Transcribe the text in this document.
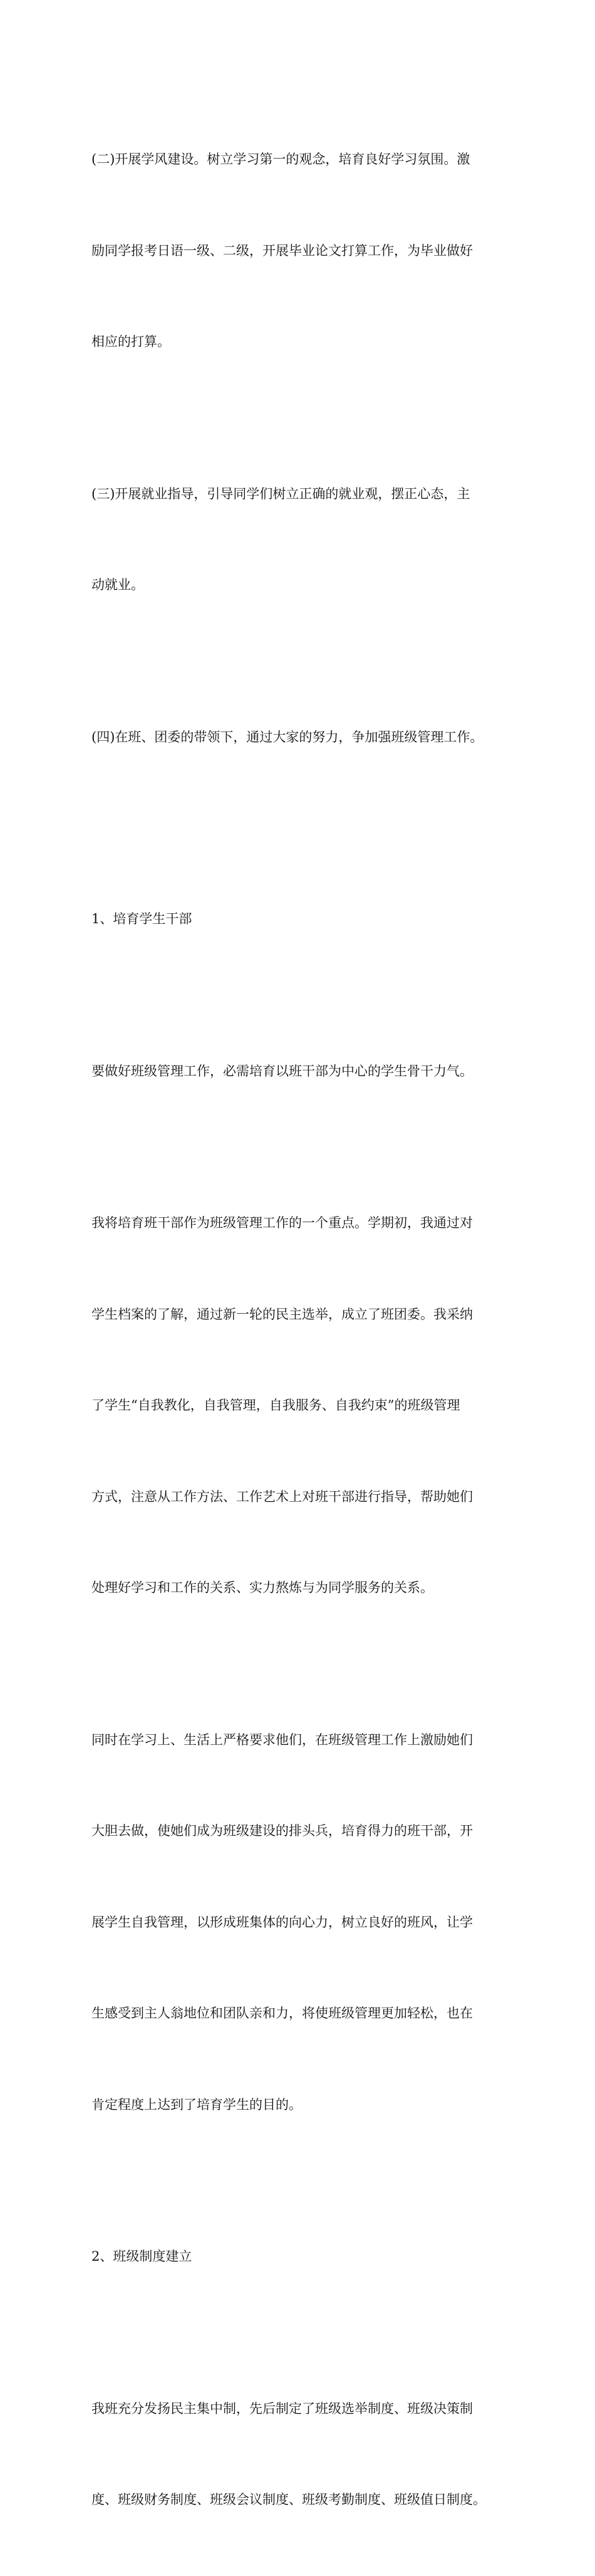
(二)开展学风建设。树立学习第一的观念，培育良好学习氛围。激

励同学报考日语一级、二级，开展毕业论文打算工作，为毕业做好

相应的打算。

(三)开展就业指导，引导同学们树立正确的就业观，摆正心态，主

动就业。

(四)在班、团委的带领下，通过大家的努力，争加强班级管理工作。

1、培育学生干部

要做好班级管理工作，必需培育以班干部为中心的学生骨干力气。

我将培育班干部作为班级管理工作的一个重点。学期初，我通过对

学生档案的了解，通过新一轮的民主选举，成立了班团委。我采纳

了学生“自我教化，自我管理，自我服务、自我约束”的班级管理

方式，注意从工作方法、工作艺术上对班干部进行指导，帮助她们

处理好学习和工作的关系、实力熬炼与为同学服务的关系。

同时在学习上、生活上严格要求他们，在班级管理工作上激励她们

大胆去做，使她们成为班级建设的排头兵，培育得力的班干部，开

展学生自我管理，以形成班集体的向心力，树立良好的班风，让学

生感受到主人翁地位和团队亲和力，将使班级管理更加轻松，也在

肯定程度上达到了培育学生的目的。

2、班级制度建立

我班充分发扬民主集中制，先后制定了班级选举制度、班级决策制

度、班级财务制度、班级会议制度、班级考勤制度、班级值日制度。
